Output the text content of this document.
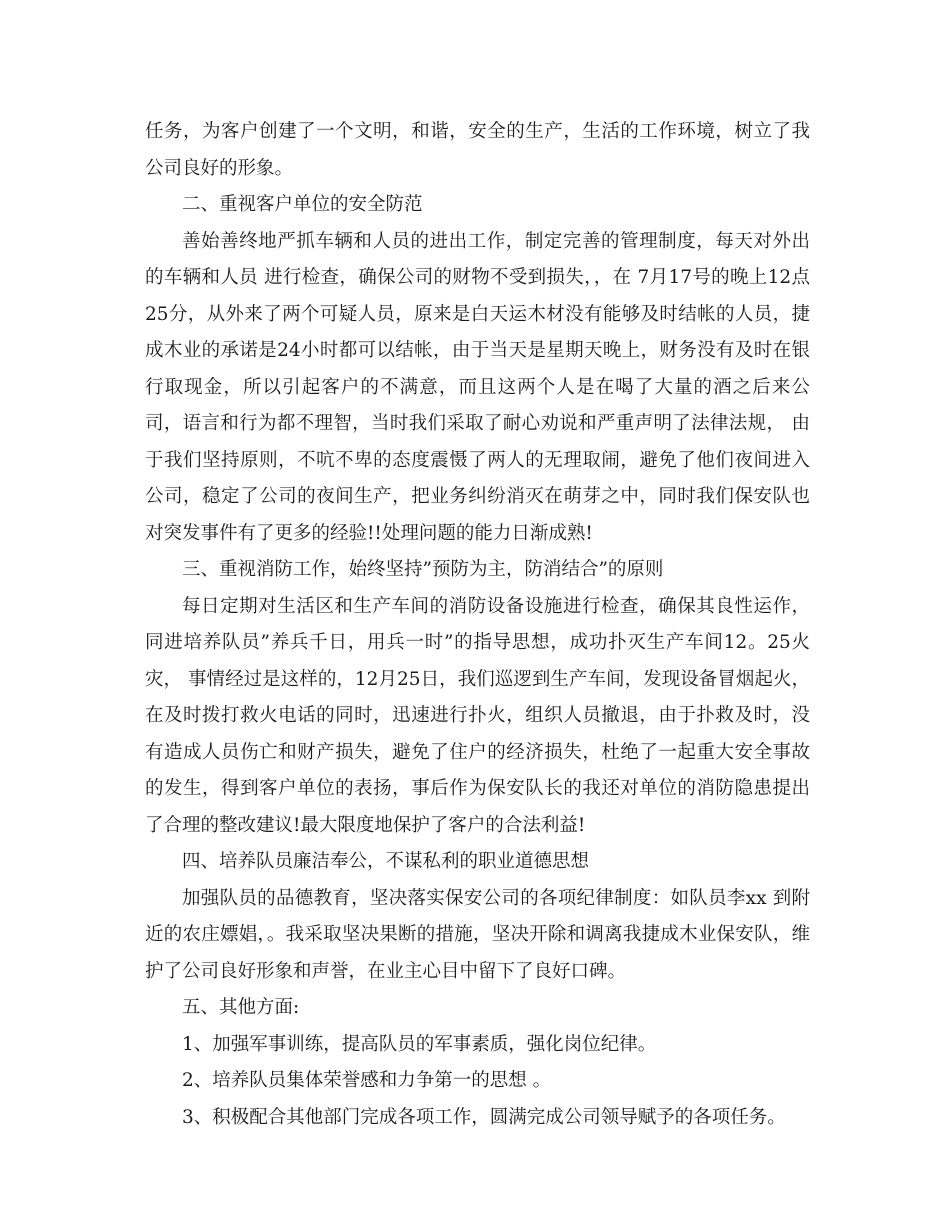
任务，为客户创建了一个文明，和谐，安全的生产，生活的工作环境，树立了我公司良好的形象。

二、重视客户单位的安全防范

善始善终地严抓车辆和人员的进出工作，制定完善的管理制度，每天对外出的车辆和人员 进行检查，确保公司的财物不受到损失，，在 7月17号的晚上12点25分，从外来了两个可疑人员，原来是白天运木材没有能够及时结帐的人员，捷成木业的承诺是24小时都可以结帐，由于当天是星期天晚上，财务没有及时在银行取现金，所以引起客户的不满意，而且这两个人是在喝了大量的酒之后来公司，语言和行为都不理智，当时我们采取了耐心劝说和严重声明了法律法规， 由于我们坚持原则，不吭不卑的态度震慑了两人的无理取闹，避免了他们夜间进入公司，稳定了公司的夜间生产，把业务纠纷消灭在萌芽之中，同时我们保安队也对突发事件有了更多的经验!!处理问题的能力日渐成熟!

三、重视消防工作，始终坚持”预防为主，防消结合”的原则

每日定期对生活区和生产车间的消防设备设施进行检查，确保其良性运作，同进培养队员”养兵千日，用兵一时”的指导思想，成功扑灭生产车间12。25火灾， 事情经过是这样的，12月25日，我们巡逻到生产车间，发现设备冒烟起火，在及时拨打救火电话的同时，迅速进行扑火，组织人员撤退，由于扑救及时，没有造成人员伤亡和财产损失，避免了住户的经济损失，杜绝了一起重大安全事故的发生，得到客户单位的表扬，事后作为保安队长的我还对单位的消防隐患提出了合理的整改建议!最大限度地保护了客户的合法利益!

四、培养队员廉洁奉公，不谋私利的职业道德思想

加强队员的品德教育，坚决落实保安公司的各项纪律制度：如队员李xx 到附近的农庄嫖娼，。我采取坚决果断的措施，坚决开除和调离我捷成木业保安队，维护了公司良好形象和声誉，在业主心目中留下了良好口碑。

五、其他方面:

1、加强军事训练，提高队员的军事素质，强化岗位纪律。

2、培养队员集体荣誉感和力争第一的思想 。

3、积极配合其他部门完成各项工作，圆满完成公司领导赋予的各项任务。
